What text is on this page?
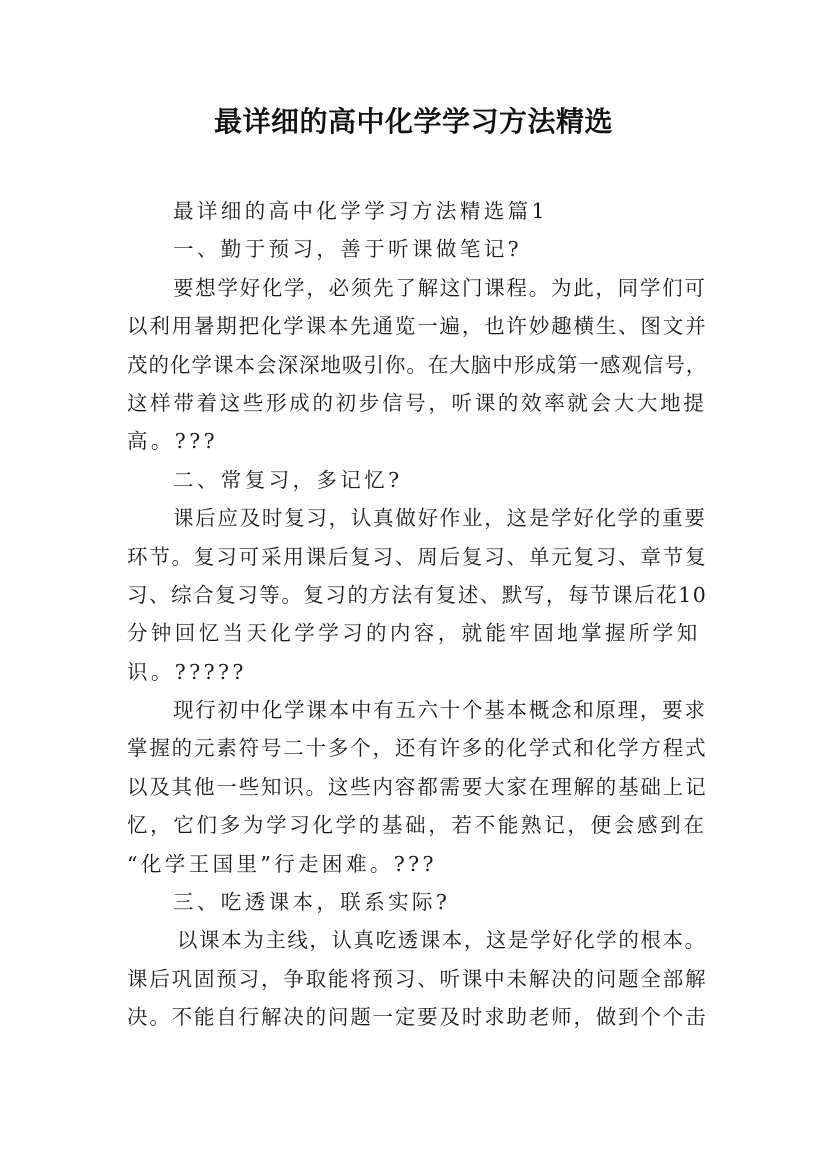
最详细的高中化学学习方法精选
最详细的高中化学学习方法精选篇1
一、勤于预习，善于听课做笔记?
要想学好化学，必须先了解这门课程。为此，同学们可
以利用暑期把化学课本先通览一遍，也许妙趣横生、图文并
茂的化学课本会深深地吸引你。在大脑中形成第一感观信号，
这样带着这些形成的初步信号，听课的效率就会大大地提
高。???
二、常复习，多记忆?
课后应及时复习，认真做好作业，这是学好化学的重要
环节。复习可采用课后复习、周后复习、单元复习、章节复
习、综合复习等。复习的方法有复述、默写，每节课后花10
分钟回忆当天化学学习的内容，就能牢固地掌握所学知
识。?????
现行初中化学课本中有五六十个基本概念和原理，要求
掌握的元素符号二十多个，还有许多的化学式和化学方程式
以及其他一些知识。这些内容都需要大家在理解的基础上记
忆，它们多为学习化学的基础，若不能熟记，便会感到在
“化学王国里”行走困难。???
三、吃透课本，联系实际?
以课本为主线，认真吃透课本，这是学好化学的根本。
课后巩固预习，争取能将预习、听课中未解决的问题全部解
决。不能自行解决的问题一定要及时求助老师，做到个个击
